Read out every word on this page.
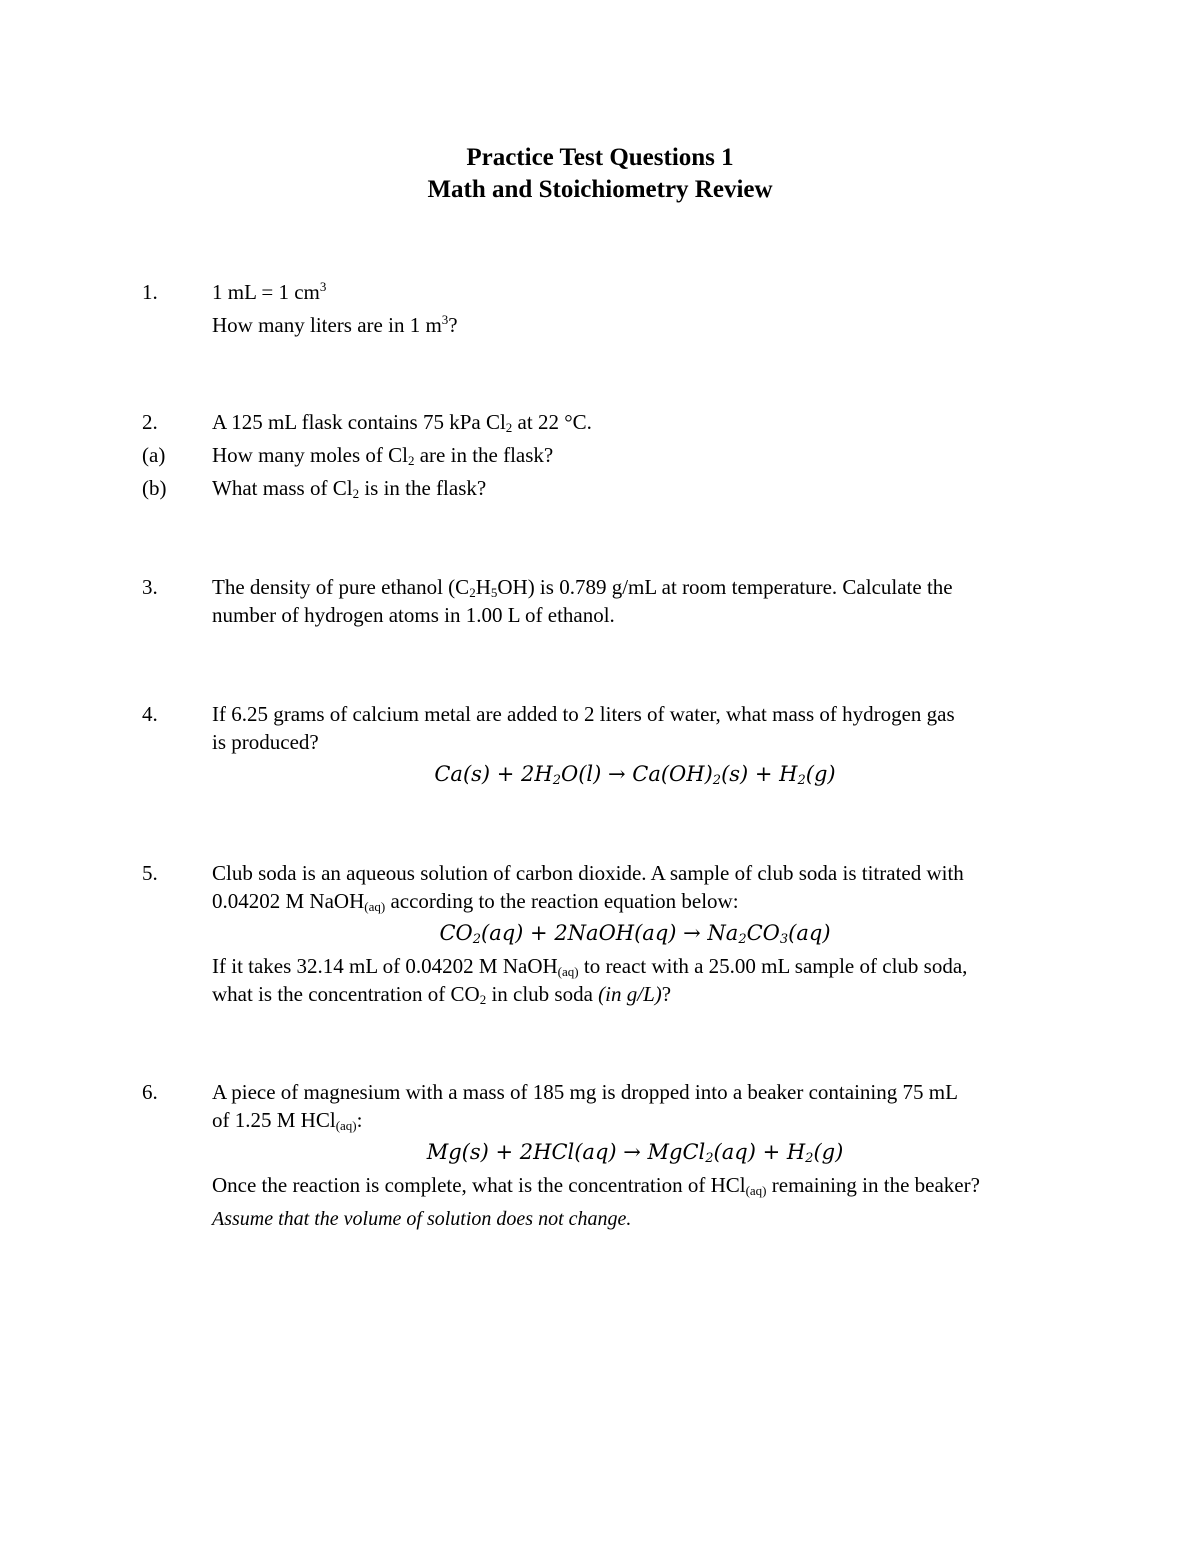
Practice Test Questions 1
Math and Stoichiometry Review
1.	1 mL = 1 $cm^3$
How many liters are in 1 $m^3$?
2.	A 125 mL flask contains 75 kPa $Cl_2$ at 22 °C.
(a) How many moles of $Cl_2$ are in the flask?
(b) What mass of $Cl_2$ is in the flask?
3.	The density of pure ethanol $(C_2H_5OH)$ is 0.789 g/mL at room temperature. Calculate the
number of hydrogen atoms in 1.00 L of ethanol.
4.	If 6.25 grams of calcium metal are added to 2 liters of water, what mass of hydrogen gas
is produced?
$Ca(s) + 2H_2O(l) \to Ca(OH)_2(s) + H_2(g)$
5.	Club soda is an aqueous solution of carbon dioxide. A sample of club soda is titrated with
0.04202 M NaOH$_{(aq)}$ according to the reaction equation below:
$CO_2(aq)$ + 2NaOH(aq) → $Na_2CO_3(aq)$
If it takes 32.14 mL of 0.04202 M NaOH$_{(aq)}$ to react with a 25.00 mL sample of club soda,
what is the concentration of $CO_2$ in club soda (in g/L)?
6.	A piece of magnesium with a mass of 185 mg is dropped into a beaker containing 75 mL
of 1.25 M HCl$_{(aq)}$:
Mg(s) + 2HCl(aq) → MgCl$_2$(aq) + $H_2(g)$
Once the reaction is complete, what is the concentration of HCl$_{(aq)}$ remaining in the beaker?
Assume that the volume of solution does not change.
